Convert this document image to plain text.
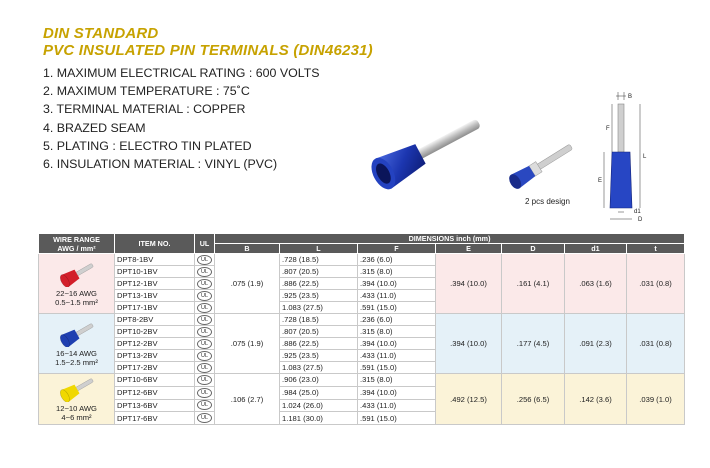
DIN STANDARD
PVC INSULATED PIN TERMINALS (DIN46231)
1. MAXIMUM ELECTRICAL RATING : 600 VOLTS
2. MAXIMUM TEMPERATURE : 75˚C
3. TERMINAL MATERIAL : COPPER
4. BRAZED SEAM
5. PLATING : ELECTRO TIN PLATED
6. INSULATION MATERIAL : VINYL (PVC)
2 pcs design
B
F
E
L
d1
D
WIRE RANGE
AWG / mm²	ITEM NO.	UL	DIMENSIONS inch (mm)						
			B	L	F	E	D	d1	t

22~16 AWG
0.5~1.5 mm²	DPT8-1BV	UL	.075 (1.9)	.728 (18.5)	.236 (6.0)	.394 (10.0)	.161 (4.1)	.063 (1.6)	.031 (0.8)
	DPT10-1BV	UL		.807 (20.5)	.315 (8.0)				
	DPT12-1BV	UL		.886 (22.5)	.394 (10.0)				
	DPT13-1BV	UL		.925 (23.5)	.433 (11.0)				
	DPT17-1BV	UL		1.083 (27.5)	.591 (15.0)				

16~14 AWG
1.5~2.5 mm²	DPT8-2BV	UL	.075 (1.9)	.728 (18.5)	.236 (6.0)	.394 (10.0)	.177 (4.5)	.091 (2.3)	.031 (0.8)
	DPT10-2BV	UL		.807 (20.5)	.315 (8.0)				
	DPT12-2BV	UL		.886 (22.5)	.394 (10.0)				
	DPT13-2BV	UL		.925 (23.5)	.433 (11.0)				
	DPT17-2BV	UL		1.083 (27.5)	.591 (15.0)				

12~10 AWG
4~6 mm²	DPT10-6BV	UL	.106 (2.7)	.906 (23.0)	.315 (8.0)	.492 (12.5)	.256 (6.5)	.142 (3.6)	.039 (1.0)
	DPT12-6BV	UL		.984 (25.0)	.394 (10.0)				
	DPT13-6BV	UL		1.024 (26.0)	.433 (11.0)				
	DPT17-6BV	UL		1.181 (30.0)	.591 (15.0)				
